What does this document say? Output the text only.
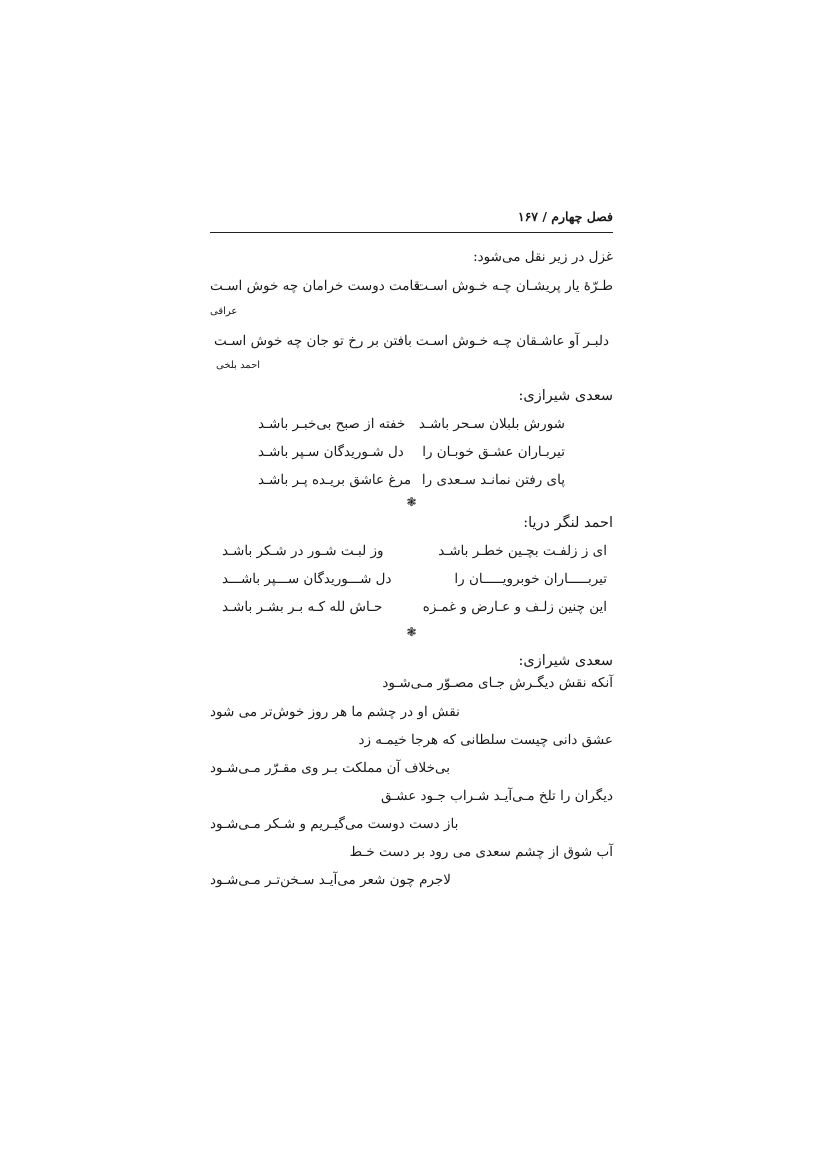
فصل چهارم / ۱۶۷
غزل در زیر نقل می‌شود:
طـرّهٔ یار پریشـان چـه خـوش اسـت
قامت دوست خرامان چه خوش اسـت
عراقی
دلبـر آو عاشـقان چـه خـوش اسـت
بافتن بر رخ تو جان چه خوش اسـت
احمد بلخی
سعدی شیرازی:
شورش بلبلان سـحر باشـد
خفته از صبح بی‌خبـر باشـد
تیربـاران عشـق خوبـان را
دل شـوریدگان سـپر باشـد
پای رفتن نمانـد سـعدی را
مرغ عاشق بریـده پـر باشـد
❃
احمد لنگر دریا:
ای ز زلفـت بچـین خطـر باشـد
وز لبـت شـور در شـکر باشـد
تیربـــــاران خوبرویـــــان را
دل شـــوریدگان ســـپر باشـــد
این چنین زلـف و عـارض و غمـزه
حـاش لله کـه بـر بشـر باشـد
❃
سعدی شیرازی:
آنکه نقش دیگـرش جـای مصـوّر مـی‌شـود
نقش او در چشم ما هر روز خوش‌تر می شود
عشق دانی چیست سلطانی که هرجا خیمـه زد
بی‌خلاف آن مملکت بـر وی مقـرّر مـی‌شـود
دیگران را تلخ مـی‌آیـد شـراب جـود عشـق
باز دست دوست می‌گیـریم و شـکر مـی‌شـود
آب شوق از چشم سعدی می رود بر دست خـط
لاجرم چون شعر می‌آیـد سـخن‌تـر مـی‌شـود
